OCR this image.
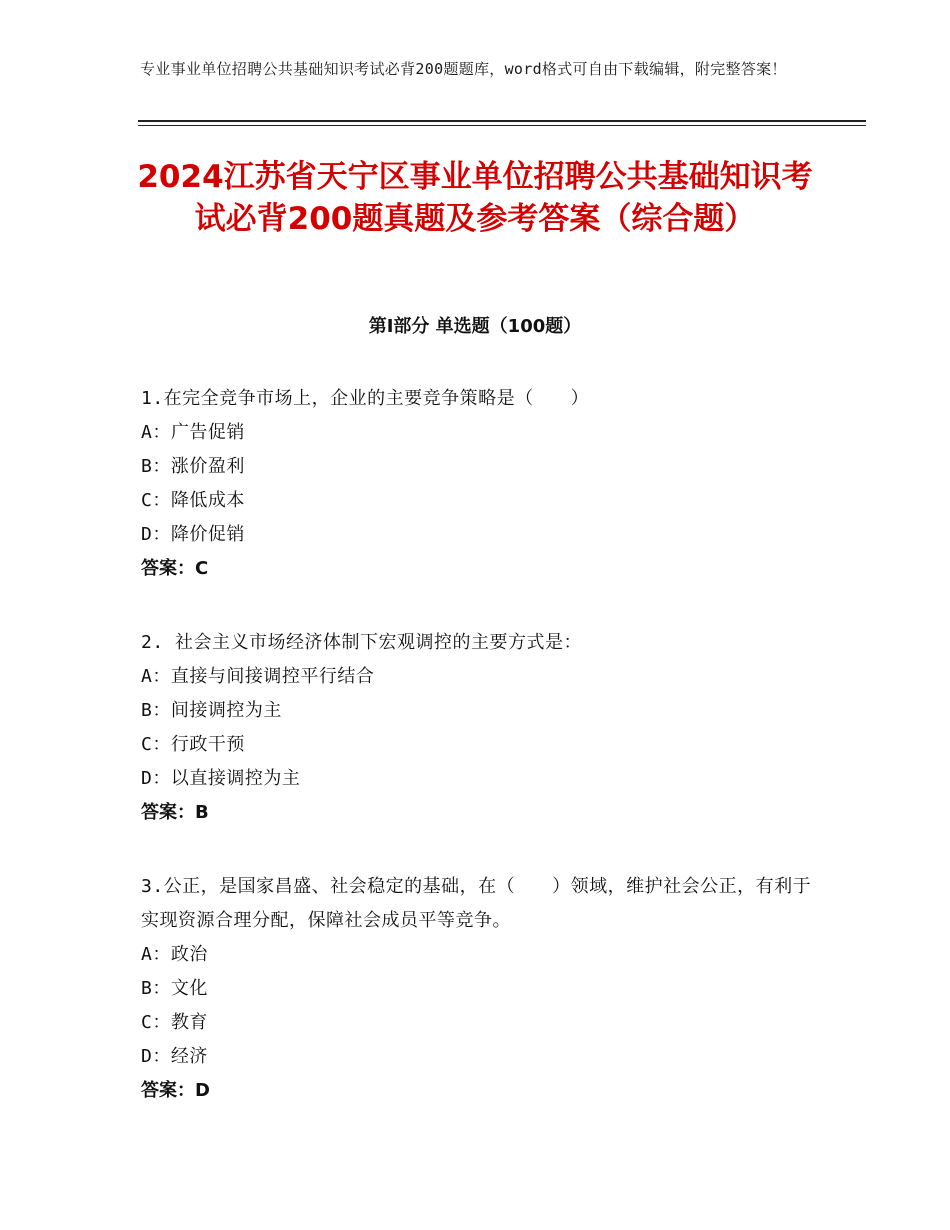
专业事业单位招聘公共基础知识考试必背200题题库，word格式可自由下载编辑，附完整答案！
2024江苏省天宁区事业单位招聘公共基础知识考试必背200题真题及参考答案（综合题）
第Ⅰ部分 单选题（100题）
1.在完全竞争市场上，企业的主要竞争策略是（　　）
A：广告促销
B：涨价盈利
C：降低成本
D：降价促销
答案：C
2. 社会主义市场经济体制下宏观调控的主要方式是：
A：直接与间接调控平行结合
B：间接调控为主
C：行政干预
D：以直接调控为主
答案：B
3.公正，是国家昌盛、社会稳定的基础，在（　　）领域，维护社会公正，有利于实现资源合理分配，保障社会成员平等竞争。
A：政治
B：文化
C：教育
D：经济
答案：D
